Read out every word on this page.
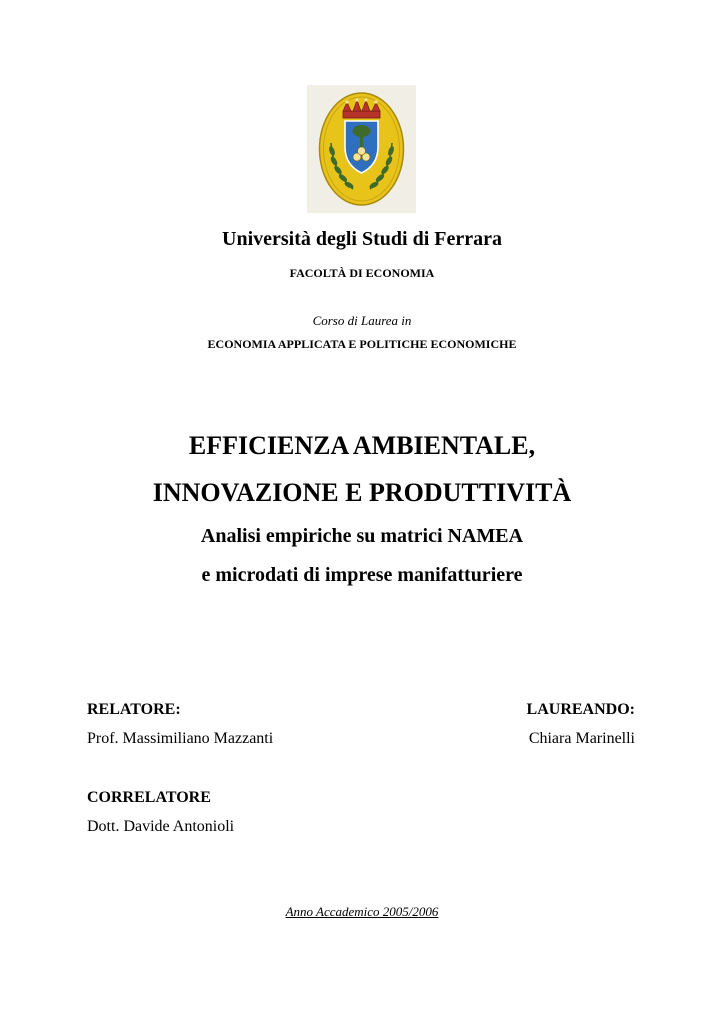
Università degli Studi di Ferrara
FACOLTÀ DI ECONOMIA
Corso di Laurea in
ECONOMIA APPLICATA E POLITICHE ECONOMICHE
EFFICIENZA AMBIENTALE,
INNOVAZIONE E PRODUTTIVITÀ
Analisi empiriche su matrici NAMEA
e microdati di imprese manifatturiere
RELATORE:
Prof. Massimiliano Mazzanti
LAUREANDO:
Chiara Marinelli
CORRELATORE
Dott. Davide Antonioli
Anno Accademico 2005/2006
